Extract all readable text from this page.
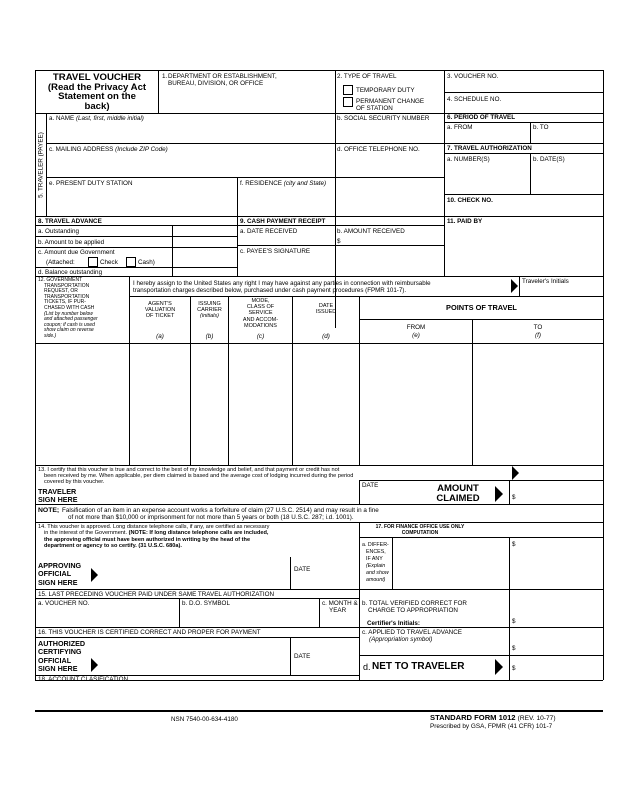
TRAVEL VOUCHER
(Read the Privacy Act
Statement on the
back)
1. DEPARTMENT OR ESTABLISHMENT,
BUREAU, DIVISION, OR OFFICE
2. TYPE OF TRAVEL
TEMPORARY DUTY
PERMANENT CHANGE
OF STATION
3. VOUCHER NO.
4. SCHEDULE NO.
5. TRAVELER (PAYEE)
a. NAME (Last, first, middle initial)	b. SOCIAL SECURITY NUMBER
c. MAILING ADDRESS (Include ZIP Code)	d. OFFICE TELEPHONE NO.
e. PRESENT DUTY STATION	f. RESIDENCE (city and State)
6. PERIOD OF TRAVEL
a. FROM	b. TO
7. TRAVEL AUTHORIZATION
a. NUMBER(S)	b. DATE(S)
10. CHECK NO.
11. PAID BY
8. TRAVEL ADVANCE
a. Outstanding
b. Amount to be applied
c. Amount due Government
(Attached:	Check	Cash)
d. Balance outstanding
9. CASH PAYMENT RECEIPT
a. DATE RECEIVED	b. AMOUNT RECEIVED
$
c. PAYEE'S SIGNATURE
12. GOVERNMENT
TRANSPORTATION
REQUEST, OR
TRANSPORTATION
TICKETS, IF PUR-
CHASED WITH CASH
(List by number below
and attached passenger
coupon; if cash is used
show claim on reverse
side.)
I hereby assign to the United States any right I may have against any parties in connection with reimbursable
transportation charges described below, purchased under cash payment procedures (FPMR 101-7).
Traveler's Initials
AGENT'S
VALUATION
OF TICKET
(a)
ISSUING
CARRIER
(initials)
(b)
MODE,
CLASS OF
SERVICE
AND ACCOM-
MODATIONS
(c)
DATE
ISSUED
(d)
POINTS OF TRAVEL
FROM
(e)
TO
(f)
13. I certify that this voucher is true and correct to the best of my knowledge and belief, and that payment or credit has not
been received by me. When applicable, per diem claimed is based and the average cost of lodging incurred during the period
covered by this voucher.
TRAVELER
SIGN HERE
DATE	AMOUNT
CLAIMED	$
NOTE; Falsification of an item in an expense account works a forfeiture of claim (27 U.S.C. 2514) and may result in a fine
of not more than $10,000 or imprisonment for not more than 5 years or both (18 U.S.C. 287; i.d. 1001).
14. This voucher is approved. Long distance telephone calls, if any, are certified as necessary
in the interest of the Government. (NOTE: If long distance telephone calls are included,
the approving official must have been authorized in writing by the head of the
department or agency to so certify. (31 U.S.C. 680a).
APPROVING
OFFICIAL
SIGN HERE
DATE
17. FOR FINANCE OFFICE USE ONLY
COMPUTATION
a. DIFFER-
ENCES,
IF ANY
(Explain
and show
amount)
$
b. TOTAL VERIFIED CORRECT FOR
CHARGE TO APPROPRIATION
Certifier's Initials:	$
c. APPLIED TO TRAVEL ADVANCE
(Appropriation symbol)
$
d. NET TO TRAVELER	$
15. LAST PRECEDING VOUCHER PAID UNDER SAME TRAVEL AUTHORIZATION
a. VOUCHER NO.	b. D.O. SYMBOL	c. MONTH &
YEAR
16. THIS VOUCHER IS CERTIFIED CORRECT AND PROPER FOR PAYMENT
AUTHORIZED
CERTIFYING
OFFICIAL
SIGN HERE
DATE
18. ACCOUNT CLASIFICATION
NSN 7540-00-634-4180	STANDARD FORM 1012 (REV. 10-77)
Prescribed by GSA, FPMR (41 CFR) 101-7
